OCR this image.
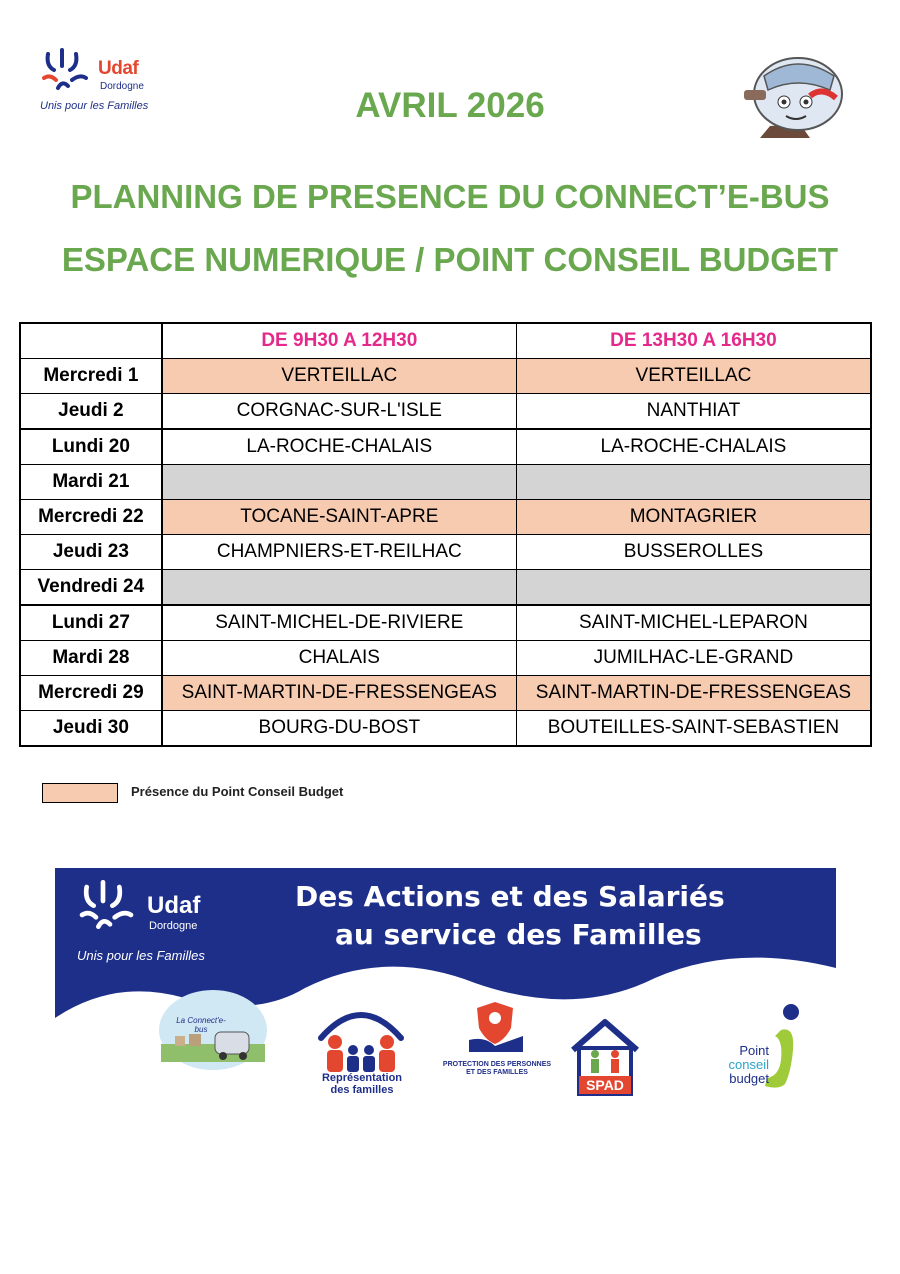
Udaf
Dordogne
Unis pour les Familles	AVRIL 2026
PLANNING DE PRESENCE DU CONNECT’E-BUS
ESPACE NUMERIQUE / POINT CONSEIL BUDGET
	DE 9H30 A 12H30	DE 13H30 A 16H30
Mercredi 1	VERTEILLAC	VERTEILLAC
Jeudi 2	CORGNAC-SUR-L'ISLE	NANTHIAT
Lundi 20	LA-ROCHE-CHALAIS	LA-ROCHE-CHALAIS
Mardi 21		
Mercredi 22	TOCANE-SAINT-APRE	MONTAGRIER
Jeudi 23	CHAMPNIERS-ET-REILHAC	BUSSEROLLES
Vendredi 24		
Lundi 27	SAINT-MICHEL-DE-RIVIERE	SAINT-MICHEL-LEPARON
Mardi 28	CHALAIS	JUMILHAC-LE-GRAND
Mercredi 29	SAINT-MARTIN-DE-FRESSENGEAS	SAINT-MARTIN-DE-FRESSENGEAS
Jeudi 30	BOURG-DU-BOST	BOUTEILLES-SAINT-SEBASTIEN
Présence du Point Conseil Budget
Udaf
Dordogne
Unis pour les Familles
Des Actions et des Salariés
au service des Familles
La Connect'e-bus
Représentation
des familles
PROTECTION DES PERSONNES
ET DES FAMILLES
SPAD
Point
conseil
budget
